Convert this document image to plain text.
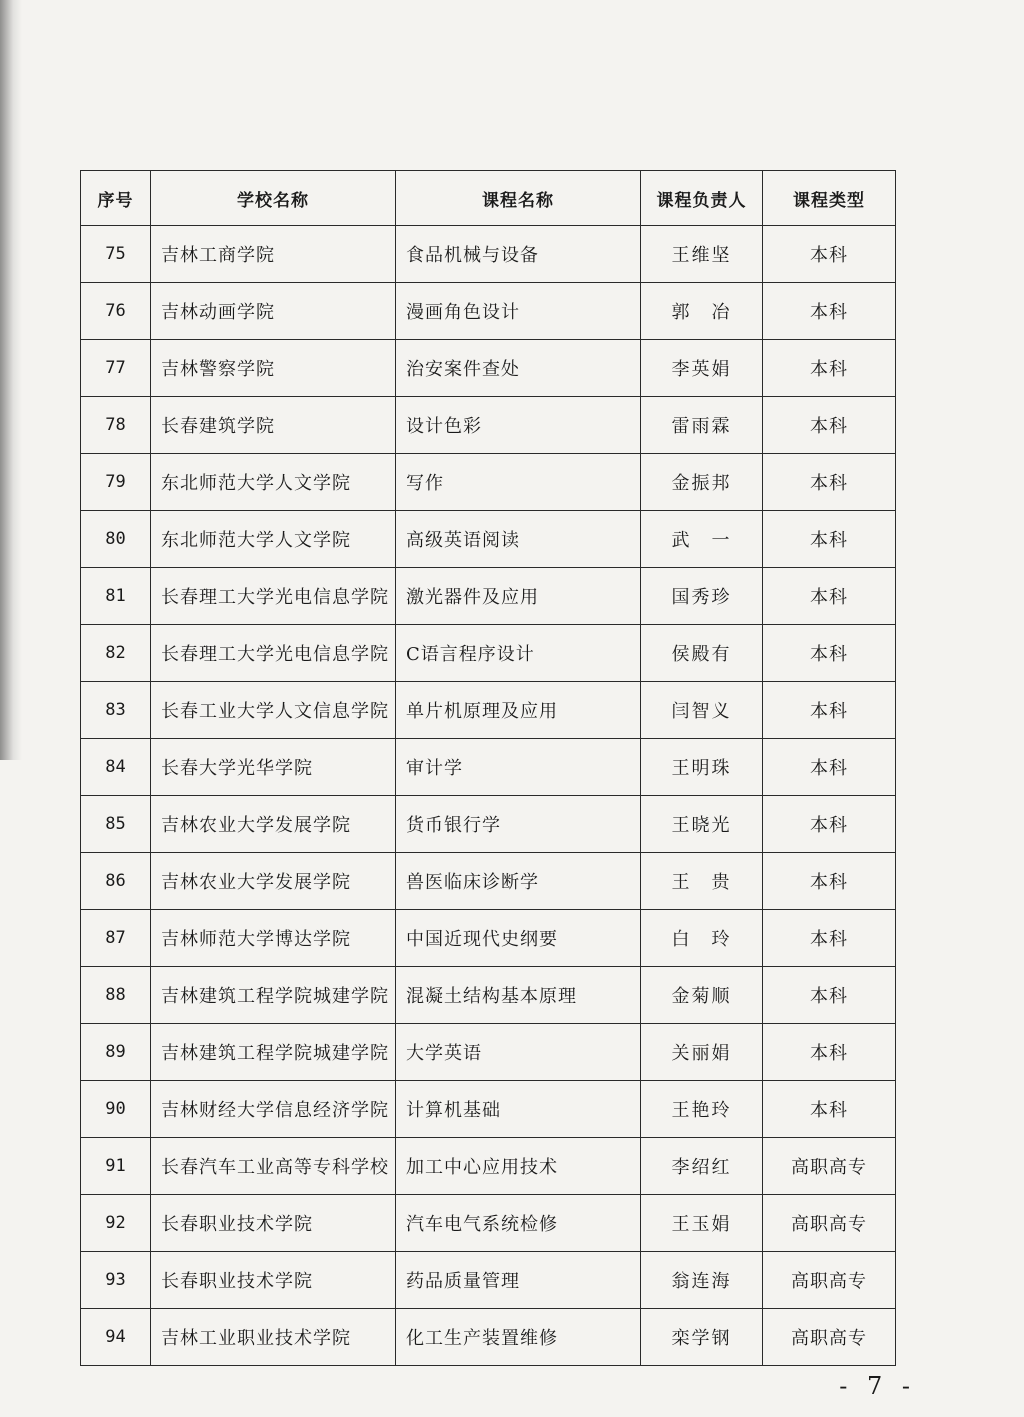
序号	学校名称	课程名称	课程负责人	课程类型
75	吉林工商学院	食品机械与设备	王维坚	本科
76	吉林动画学院	漫画角色设计	郭　冶	本科
77	吉林警察学院	治安案件查处	李英娟	本科
78	长春建筑学院	设计色彩	雷雨霖	本科
79	东北师范大学人文学院	写作	金振邦	本科
80	东北师范大学人文学院	高级英语阅读	武　一	本科
81	长春理工大学光电信息学院	激光器件及应用	国秀珍	本科
82	长春理工大学光电信息学院	C语言程序设计	侯殿有	本科
83	长春工业大学人文信息学院	单片机原理及应用	闫智义	本科
84	长春大学光华学院	审计学	王明珠	本科
85	吉林农业大学发展学院	货币银行学	王晓光	本科
86	吉林农业大学发展学院	兽医临床诊断学	王　贵	本科
87	吉林师范大学博达学院	中国近现代史纲要	白　玲	本科
88	吉林建筑工程学院城建学院	混凝土结构基本原理	金菊顺	本科
89	吉林建筑工程学院城建学院	大学英语	关丽娟	本科
90	吉林财经大学信息经济学院	计算机基础	王艳玲	本科
91	长春汽车工业高等专科学校	加工中心应用技术	李绍红	高职高专
92	长春职业技术学院	汽车电气系统检修	王玉娟	高职高专
93	长春职业技术学院	药品质量管理	翁连海	高职高专
94	吉林工业职业技术学院	化工生产装置维修	栾学钢	高职高专
- 7 -
